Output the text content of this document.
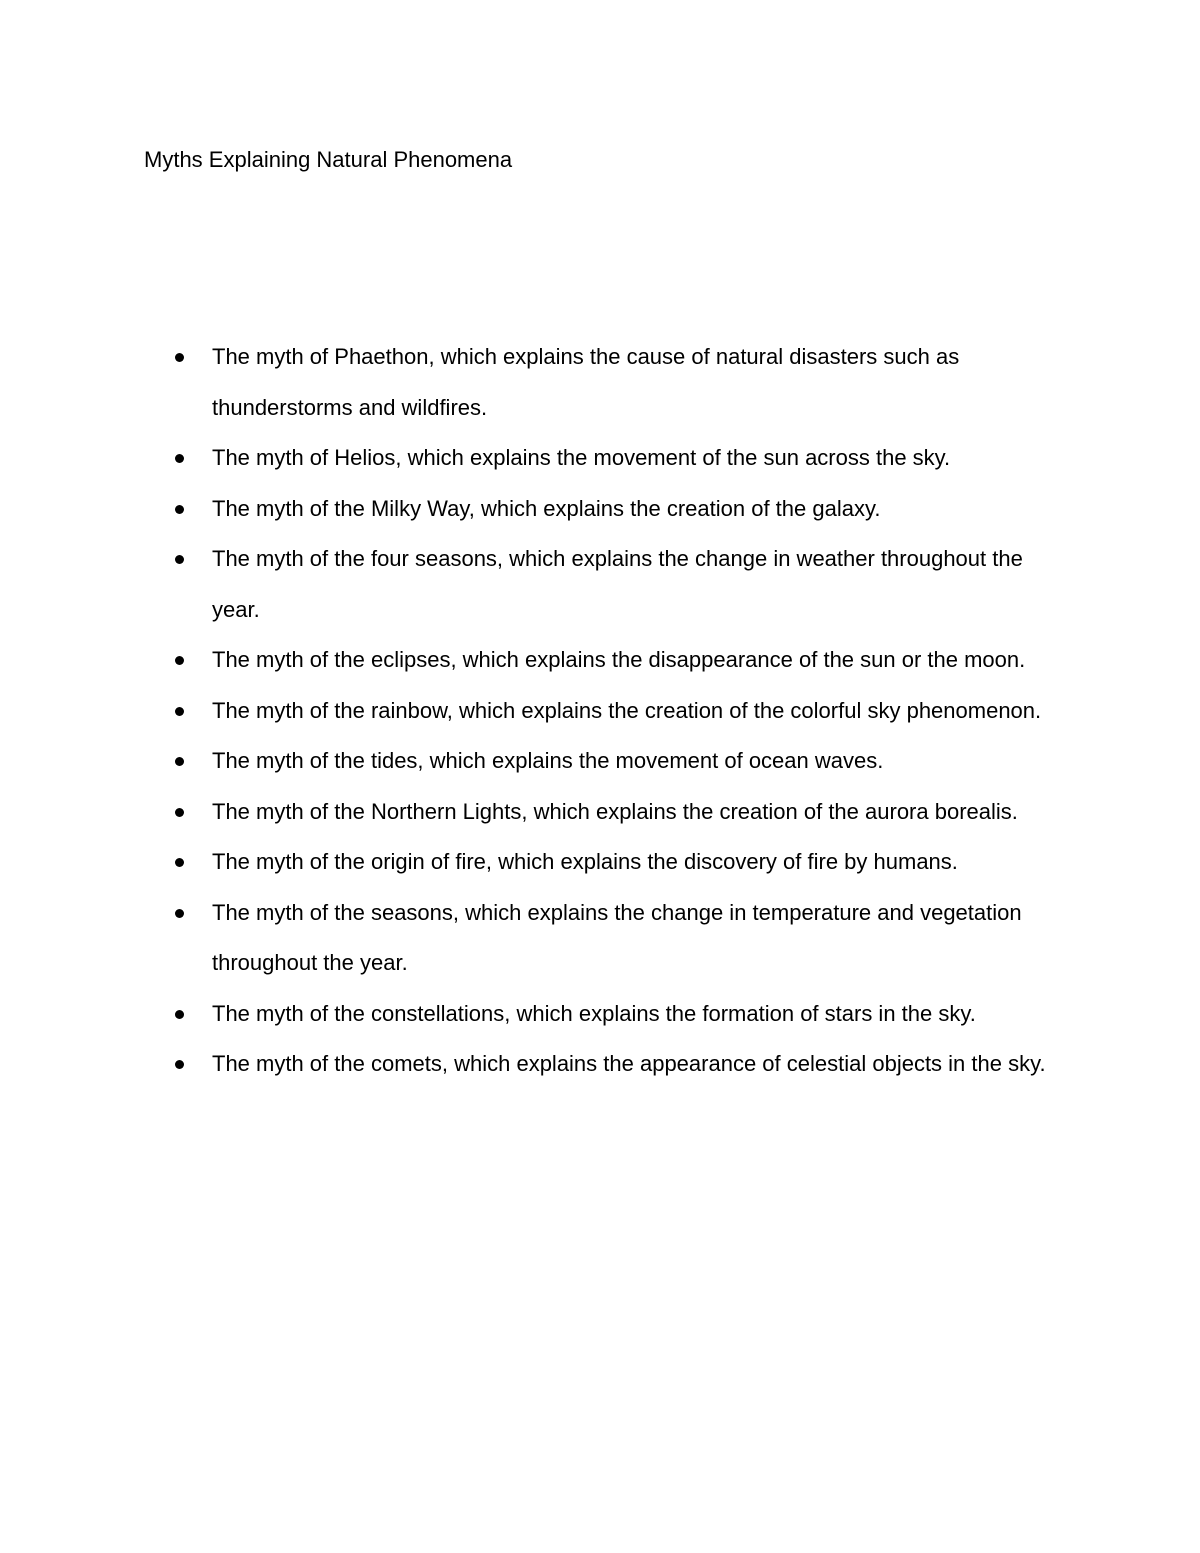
Myths Explaining Natural Phenomena
The myth of Phaethon, which explains the cause of natural disasters such as thunderstorms and wildfires.
The myth of Helios, which explains the movement of the sun across the sky.
The myth of the Milky Way, which explains the creation of the galaxy.
The myth of the four seasons, which explains the change in weather throughout the year.
The myth of the eclipses, which explains the disappearance of the sun or the moon.
The myth of the rainbow, which explains the creation of the colorful sky phenomenon.
The myth of the tides, which explains the movement of ocean waves.
The myth of the Northern Lights, which explains the creation of the aurora borealis.
The myth of the origin of fire, which explains the discovery of fire by humans.
The myth of the seasons, which explains the change in temperature and vegetation throughout the year.
The myth of the constellations, which explains the formation of stars in the sky.
The myth of the comets, which explains the appearance of celestial objects in the sky.
